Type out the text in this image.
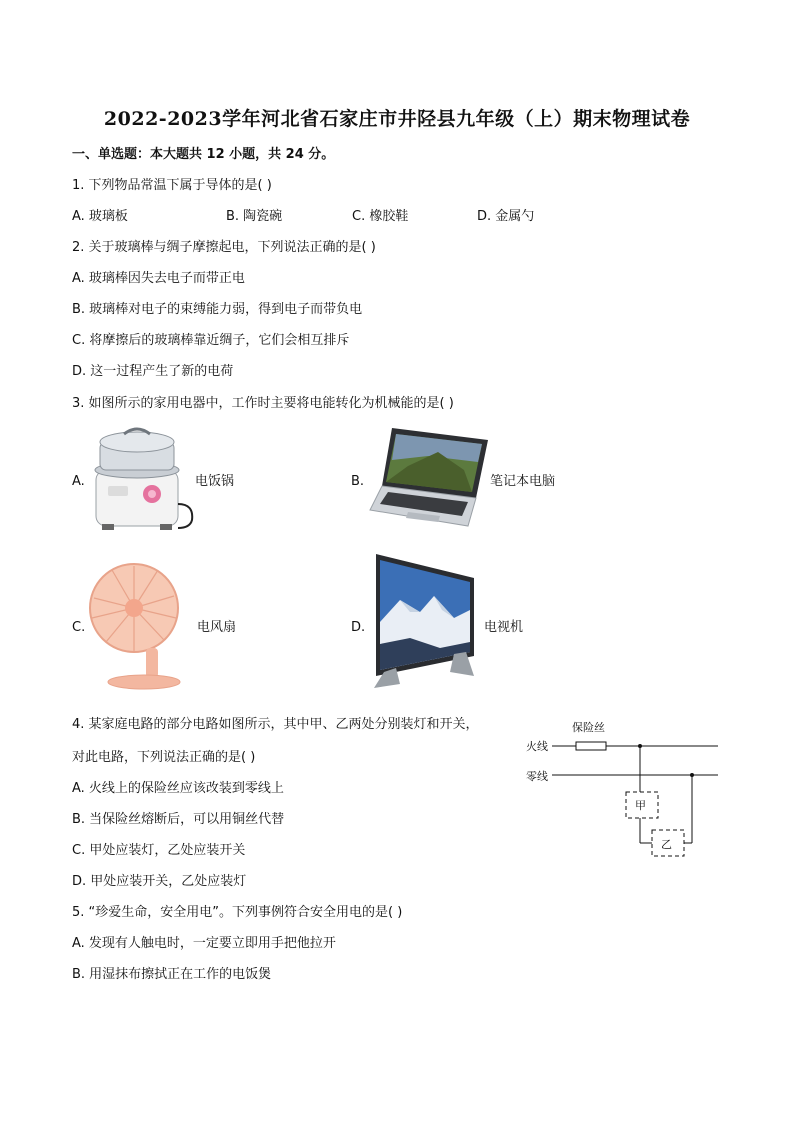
2022-2023学年河北省石家庄市井陉县九年级（上）期末物理试卷
一、单选题：本大题共 12 小题，共 24 分。
1. 下列物品常温下属于导体的是( )
A. 玻璃板	B. 陶瓷碗	C. 橡胶鞋	D. 金属勺
2. 关于玻璃棒与绸子摩擦起电，下列说法正确的是( )
A. 玻璃棒因失去电子而带正电
B. 玻璃棒对电子的束缚能力弱，得到电子而带负电
C. 将摩擦后的玻璃棒靠近绸子，它们会相互排斥
D. 这一过程产生了新的电荷
3. 如图所示的家用电器中，工作时主要将电能转化为机械能的是( )
A.	电饭锅	B.	笔记本电脑
C.	电风扇	D.	电视机
4. 某家庭电路的部分电路如图所示，其中甲、乙两处分别装灯和开关，
对此电路，下列说法正确的是( )
A. 火线上的保险丝应该改装到零线上
B. 当保险丝熔断后，可以用铜丝代替
C. 甲处应装灯，乙处应装开关
D. 甲处应装开关，乙处应装灯
保险丝
火线
零线
甲
乙
5. “珍爱生命，安全用电”。下列事例符合安全用电的是( )
A. 发现有人触电时，一定要立即用手把他拉开
B. 用湿抹布擦拭正在工作的电饭煲
